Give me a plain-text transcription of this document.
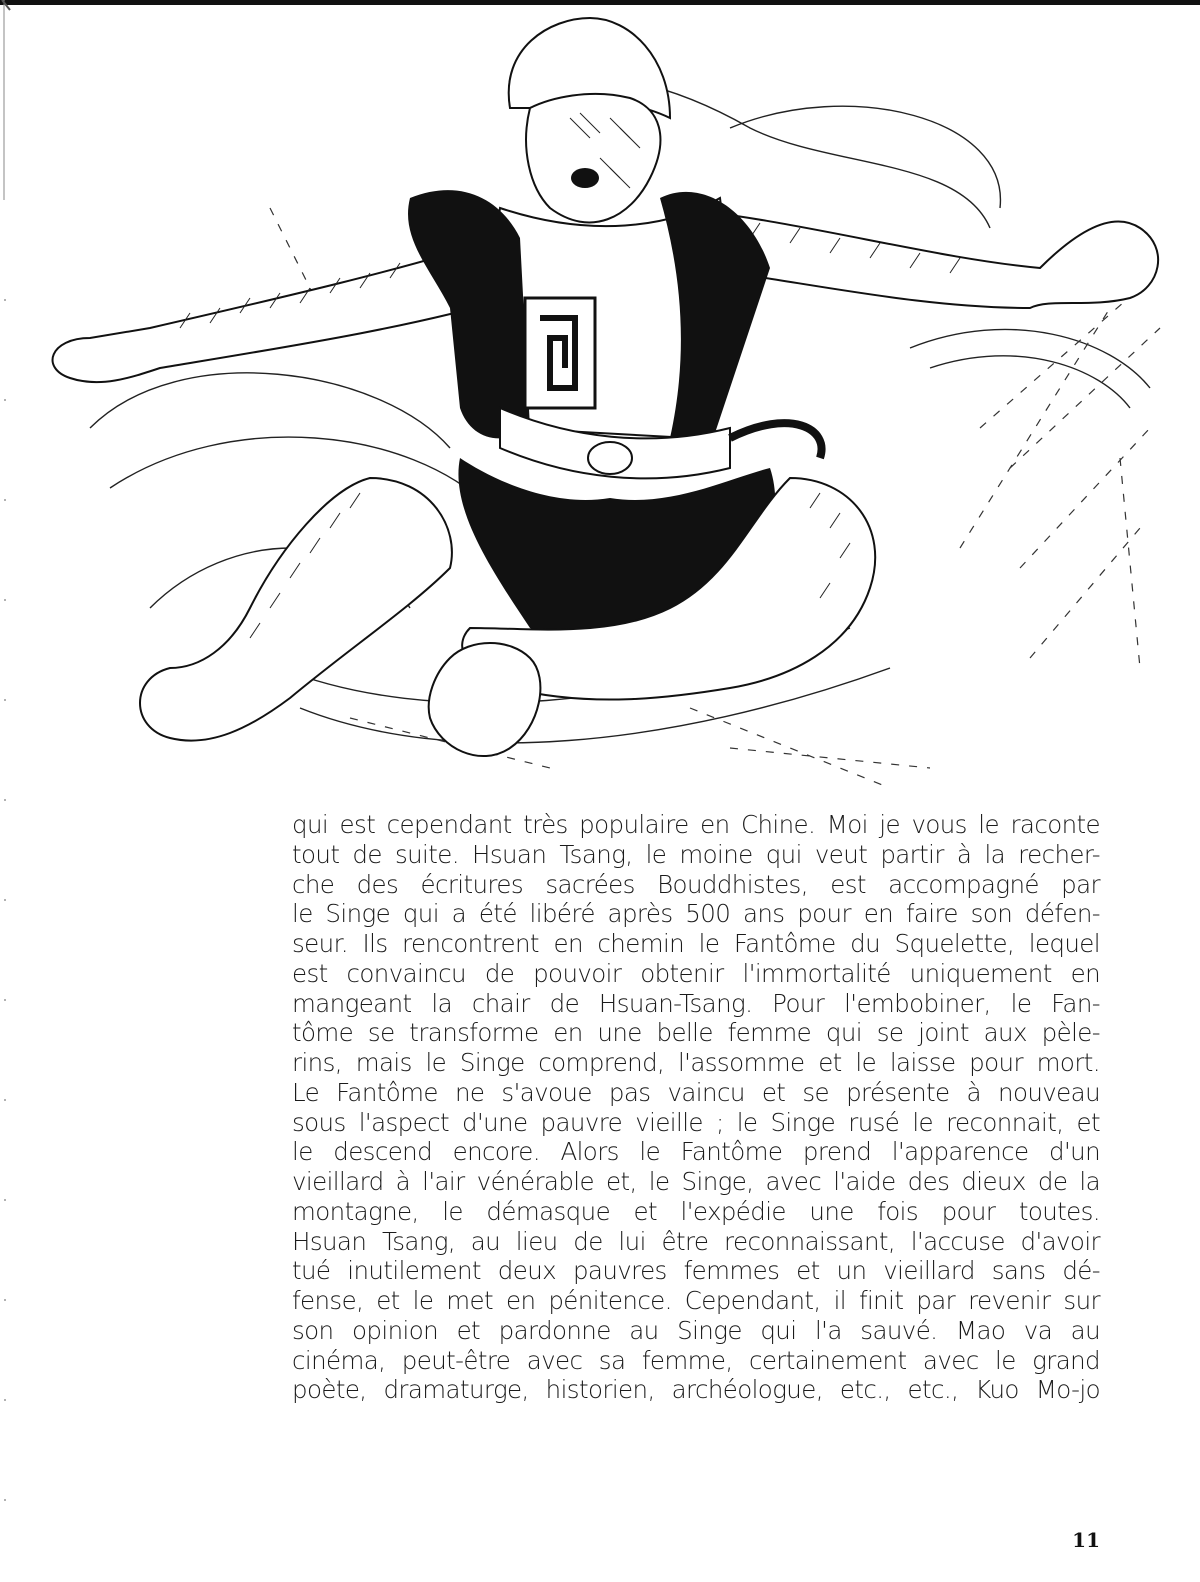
qui est cependant très populaire en Chine. Moi je vous le raconte
tout de suite. Hsuan Tsang, le moine qui veut partir à la recher-
che des écritures sacrées Bouddhistes, est accompagné par
le Singe qui a été libéré après 500 ans pour en faire son défen-
seur. Ils rencontrent en chemin le Fantôme du Squelette, lequel
est convaincu de pouvoir obtenir l'immortalité uniquement en
mangeant la chair de Hsuan-Tsang. Pour l'embobiner, le Fan-
tôme se transforme en une belle femme qui se joint aux pèle-
rins, mais le Singe comprend, l'assomme et le laisse pour mort.
Le Fantôme ne s'avoue pas vaincu et se présente à nouveau
sous l'aspect d'une pauvre vieille ; le Singe rusé le reconnait, et
le descend encore. Alors le Fantôme prend l'apparence d'un
vieillard à l'air vénérable et, le Singe, avec l'aide des dieux de la
montagne, le démasque et l'expédie une fois pour toutes.
Hsuan Tsang, au lieu de lui être reconnaissant, l'accuse d'avoir
tué inutilement deux pauvres femmes et un vieillard sans dé-
fense, et le met en pénitence. Cependant, il finit par revenir sur
son opinion et pardonne au Singe qui l'a sauvé. Mao va au
cinéma, peut-être avec sa femme, certainement avec le grand
poète, dramaturge, historien, archéologue, etc., etc., Kuo Mo-jo
11
